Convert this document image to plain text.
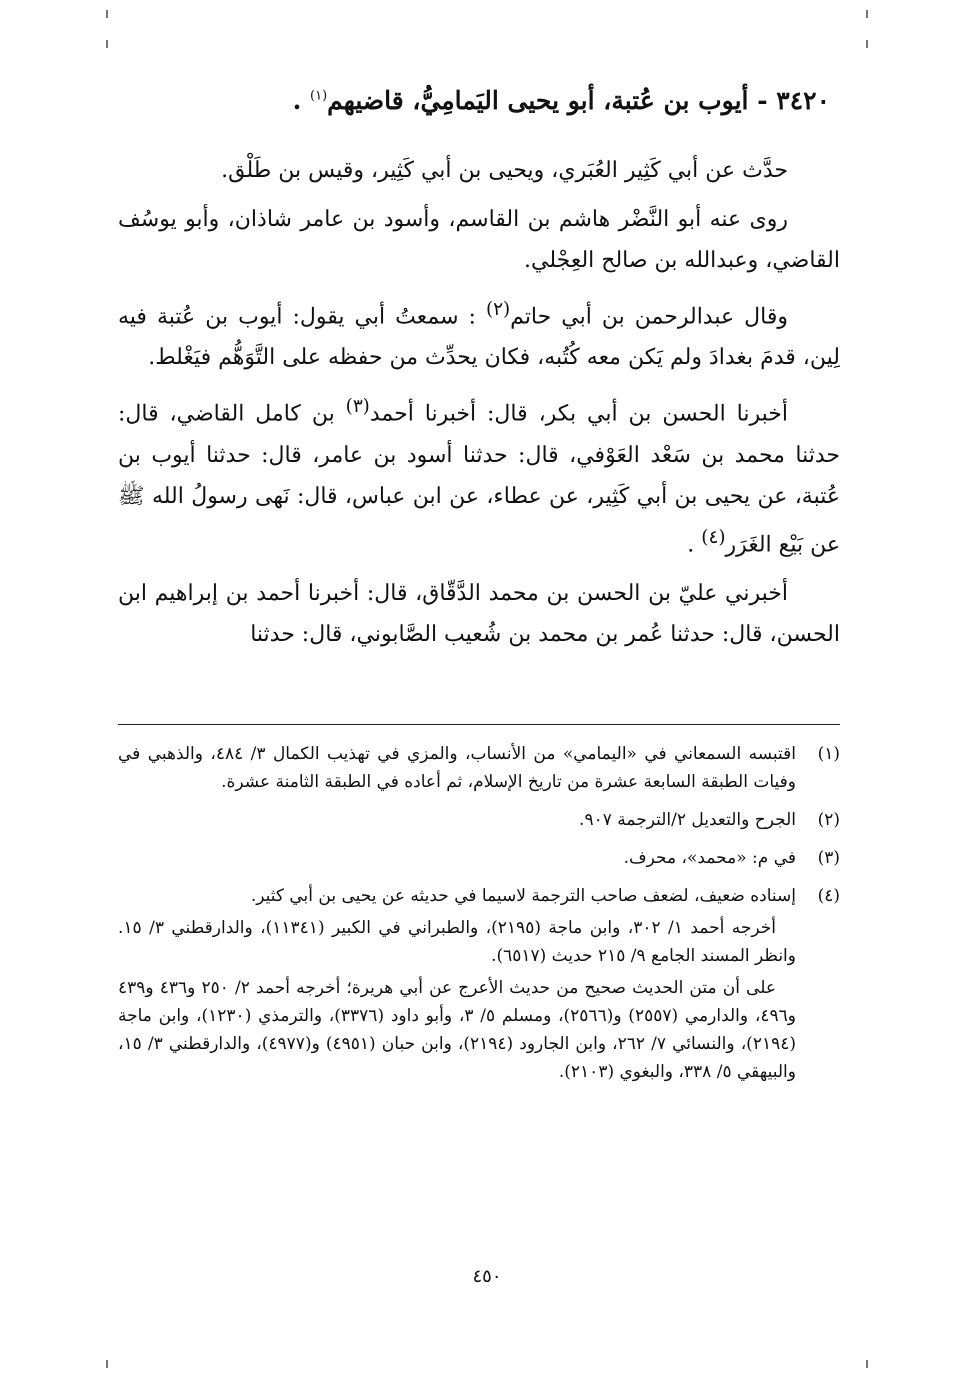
٣٤٢٠ - أيوب بن عُتبة، أبو يحيى اليَمامِيُّ، قاضيهم$^{(١)}$ .

حدَّث عن أبي كَثِير العُبَري، ويحيى بن أبي كَثِير، وقيس بن طَلْق.

روى عنه أبو النَّضْر هاشم بن القاسم، وأسود بن عامر شاذان، وأبو يوسُف القاضي، وعبدالله بن صالح العِجْلي.

وقال عبدالرحمن بن أبي حاتم$^{(٢)}$ : سمعتُ أبي يقول: أيوب بن عُتبة فيه لِين، قدمَ بغدادَ ولم يَكن معه كُتُبه، فكان يحدِّث من حفظه على التَّوَهُّم فيَغْلط.

أخبرنا الحسن بن أبي بكر، قال: أخبرنا أحمد$^{(٣)}$ بن كامل القاضي، قال: حدثنا محمد بن سَعْد العَوْفي، قال: حدثنا أسود بن عامر، قال: حدثنا أيوب بن عُتبة، عن يحيى بن أبي كَثِير، عن عطاء، عن ابن عباس، قال: نَهى رسولُ الله ﷺ عن بَيْع الغَرَر$^{(٤)}$ .

أخبرني عليّ بن الحسن بن محمد الدَّقّاق، قال: أخبرنا أحمد بن إبراهيم ابن الحسن، قال: حدثنا عُمر بن محمد بن شُعيب الصَّابوني، قال: حدثنا

(١)

اقتبسه السمعاني في «اليمامي» من الأنساب، والمزي في تهذيب الكمال ٣/ ٤٨٤، والذهبي في وفيات الطبقة السابعة عشرة من تاريخ الإسلام، ثم أعاده في الطبقة الثامنة عشرة.

(٢)

الجرح والتعديل ٢/الترجمة ٩٠٧.

(٣)

في م: «محمد»، محرف.

(٤)

إسناده ضعيف، لضعف صاحب الترجمة لاسيما في حديثه عن يحيى بن أبي كثير.

أخرجه أحمد ١/ ٣٠٢، وابن ماجة (٢١٩٥)، والطبراني في الكبير (١١٣٤١)، والدارقطني ٣/ ١٥. وانظر المسند الجامع ٩/ ٢١٥ حديث (٦٥١٧).

على أن متن الحديث صحيح من حديث الأعرج عن أبي هريرة؛ أخرجه أحمد ٢/ ٢٥٠ و٤٣٦ و٤٣٩ و٤٩٦، والدارمي (٢٥٥٧) و(٢٥٦٦)، ومسلم ٥/ ٣، وأبو داود (٣٣٧٦)، والترمذي (١٢٣٠)، وابن ماجة (٢١٩٤)، والنسائي ٧/ ٢٦٢، وابن الجارود (٢١٩٤)، وابن حبان (٤٩٥١) و(٤٩٧٧)، والدارقطني ٣/ ١٥، والبيهقي ٥/ ٣٣٨، والبغوي (٢١٠٣).

٤٥٠
